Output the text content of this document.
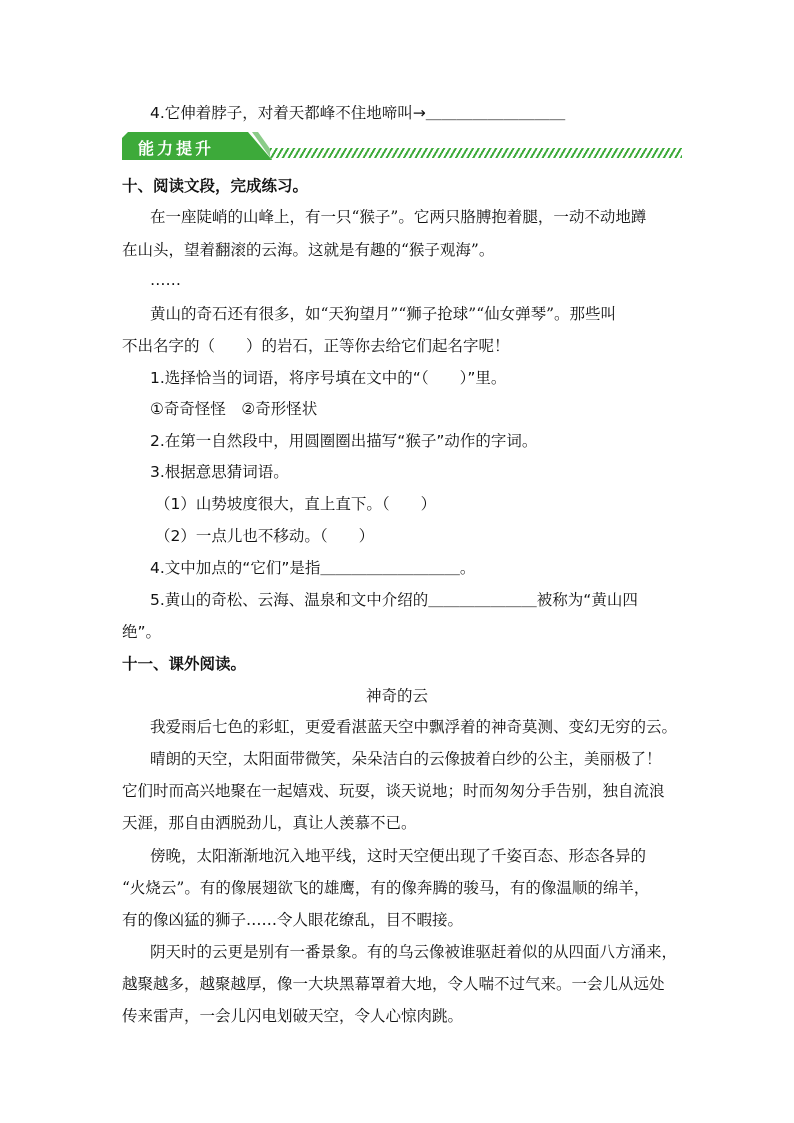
4.它伸着脖子，对着天都峰不住地啼叫→＿＿＿＿＿＿＿＿＿
能力提升
十、阅读文段，完成练习。
在一座陡峭的山峰上，有一只“猴子”。它两只胳膊抱着腿，一动不动地蹲
在山头，望着翻滚的云海。这就是有趣的“猴子观海”。
……
黄山的奇石还有很多，如“天狗望月”“狮子抢球”“仙女弹琴”。那些叫
不出名字的（　　）的岩石，正等你去给它们起名字呢！
1.选择恰当的词语，将序号填在文中的“（　　）”里。
①奇奇怪怪　②奇形怪状
2.在第一自然段中，用圆圈圈出描写“猴子”动作的字词。
3.根据意思猜词语。
（1）山势坡度很大，直上直下。（　　）
（2）一点儿也不移动。（　　）
4.文中加点的“它们”是指＿＿＿＿＿＿＿＿＿。
5.黄山的奇松、云海、温泉和文中介绍的＿＿＿＿＿＿＿被称为“黄山四
绝”。
十一、课外阅读。
神奇的云
我爱雨后七色的彩虹，更爱看湛蓝天空中飘浮着的神奇莫测、变幻无穷的云。
晴朗的天空，太阳面带微笑，朵朵洁白的云像披着白纱的公主，美丽极了！
它们时而高兴地聚在一起嬉戏、玩耍，谈天说地；时而匆匆分手告别，独自流浪
天涯，那自由洒脱劲儿，真让人羡慕不已。
傍晚，太阳渐渐地沉入地平线，这时天空便出现了千姿百态、形态各异的
“火烧云”。有的像展翅欲飞的雄鹰，有的像奔腾的骏马，有的像温顺的绵羊，
有的像凶猛的狮子……令人眼花缭乱，目不暇接。
阴天时的云更是别有一番景象。有的乌云像被谁驱赶着似的从四面八方涌来，
越聚越多，越聚越厚，像一大块黑幕罩着大地，令人喘不过气来。一会儿从远处
传来雷声，一会儿闪电划破天空，令人心惊肉跳。
